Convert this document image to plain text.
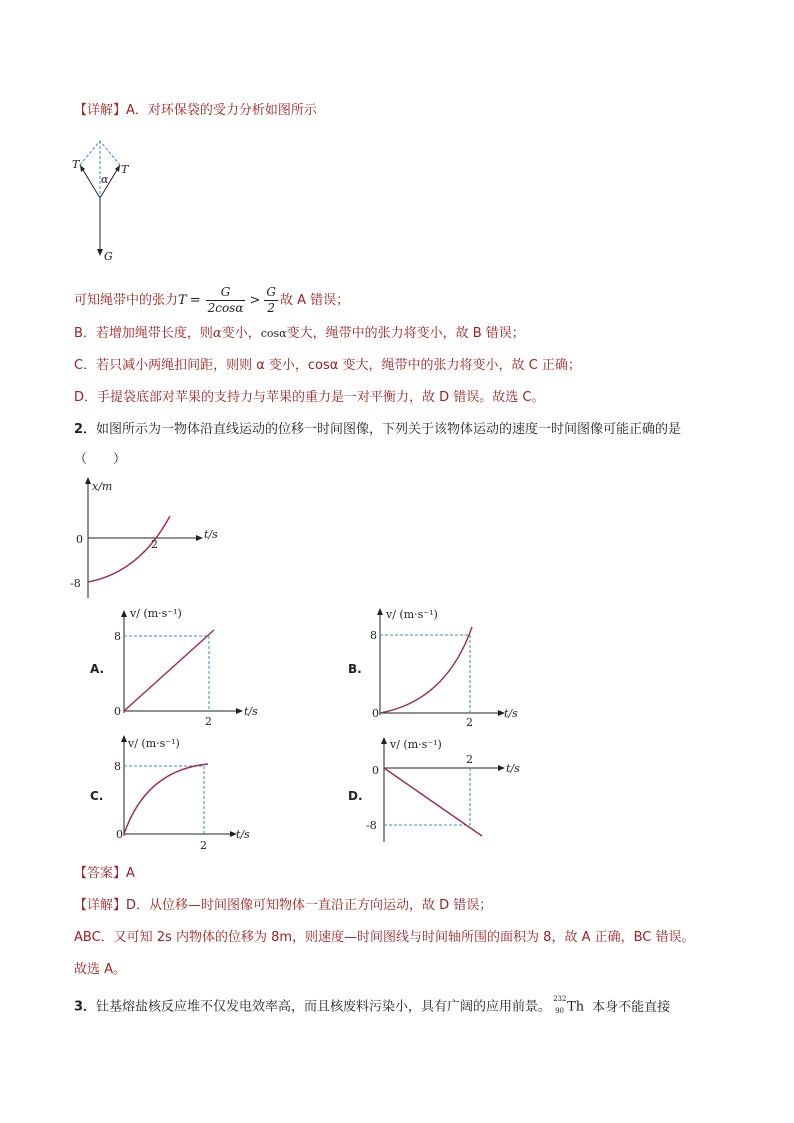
【详解】A．对环保袋的受力分析如图所示
T	T
α
G
可知绳带中的张力$T = \frac{G}{2\cos\alpha} > \frac{G}{2}$ 故 A 错误；
B．若增加绳带长度，则α变小，cosα变大，绳带中的张力将变小，故 B 错误；
C．若只减小两绳扣间距，则则 α 变小，cosα 变大，绳带中的张力将变小，故 C 正确；
D．手提袋底部对苹果的支持力与苹果的重力是一对平衡力，故 D 错误。故选 C。
2．如图所示为一物体沿直线运动的位移一时间图像，下列关于该物体运动的速度一时间图像可能正确的是
（　　）
x/m
t/s
0	2
-8
A.
v/ (m·s⁻¹)
t/s
8
0
2
B.
v/ (m·s⁻¹)
t/s
8
0
2
C.
v/ (m·s⁻¹)
t/s
8
0
2
D.
v/ (m·s⁻¹)
t/s
0
2
-8
【答案】A
【详解】D．从位移—时间图像可知物体一直沿正方向运动，故 D 错误；
ABC．又可知 2s 内物体的位移为 8m，则速度—时间图线与时间轴所围的面积为 8，故 A 正确，BC 错误。
故选 A。
3．钍基熔盐核反应堆不仅发电效率高，而且核废料污染小，具有广阔的应用前景。
232
90 Th 本身不能直接
